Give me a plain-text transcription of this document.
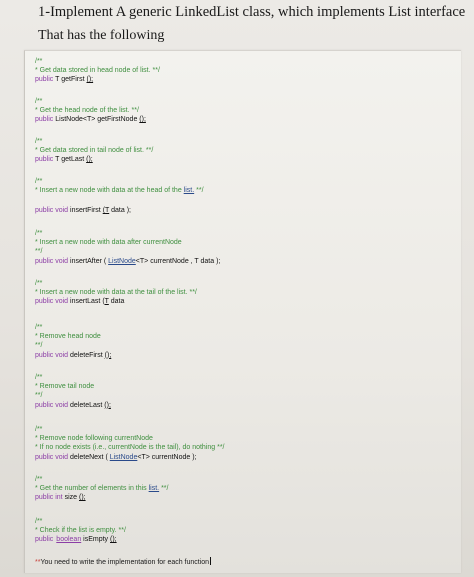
1-Implement A generic LinkedList class, which implements List interface
That has the following
/**
* Get data stored in head node of list. **/
public T getFirst ();
/**
* Get the head node of the list. **/
public ListNode<T> getFirstNode ();
/**
* Get data stored in tail node of list. **/
public T getLast ();
/**
* Insert a new node with data at the head of the list. **/
public void insertFirst (T data );
/**
* Insert a new node with data after currentNode
**/
public void insertAfter ( ListNode<T> currentNode , T data );
/**
* Insert a new node with data at the tail of the list. **/
public void insertLast (T data
/**
* Remove head node
**/
public void deleteFirst ();
/**
* Remove tail node
**/
public void deleteLast ();
/**
* Remove node following currentNode
* If no node exists (i.e., currentNode is the tail), do nothing **/
public void deleteNext ( ListNode<T> currentNode );
/**
* Get the number of elements in this list. **/
public int size ();
/**
* Check if the list is empty. **/
public boolean isEmpty ();
**You need to write the implementation for each function
